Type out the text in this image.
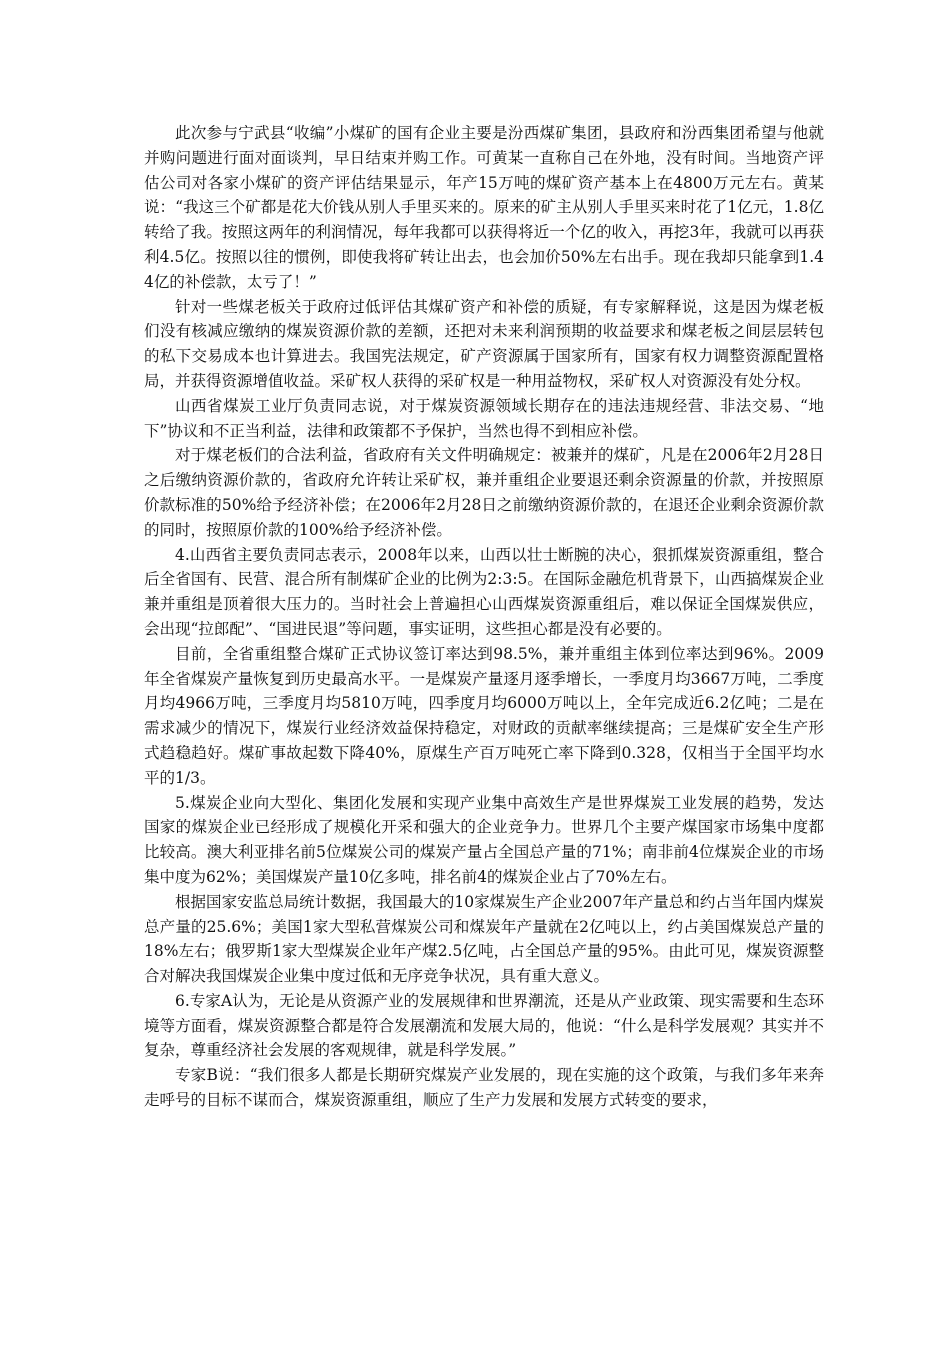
此次参与宁武县“收编”小煤矿的国有企业主要是汾西煤矿集团，县政府和汾西集团希望与他就并购问题进行面对面谈判，早日结束并购工作。可黄某一直称自己在外地，没有时间。当地资产评估公司对各家小煤矿的资产评估结果显示，年产15万吨的煤矿资产基本上在4800万元左右。黄某说：“我这三个矿都是花大价钱从别人手里买来的。原来的矿主从别人手里买来时花了1亿元，1.8亿转给了我。按照这两年的利润情况，每年我都可以获得将近一个亿的收入，再挖3年，我就可以再获利4.5亿。按照以往的惯例，即使我将矿转让出去，也会加价50%左右出手。现在我却只能拿到1.44亿的补偿款，太亏了！”

针对一些煤老板关于政府过低评估其煤矿资产和补偿的质疑，有专家解释说，这是因为煤老板们没有核减应缴纳的煤炭资源价款的差额，还把对未来利润预期的收益要求和煤老板之间层层转包的私下交易成本也计算进去。我国宪法规定，矿产资源属于国家所有，国家有权力调整资源配置格局，并获得资源增值收益。采矿权人获得的采矿权是一种用益物权，采矿权人对资源没有处分权。

山西省煤炭工业厅负责同志说，对于煤炭资源领域长期存在的违法违规经营、非法交易、“地下”协议和不正当利益，法律和政策都不予保护，当然也得不到相应补偿。

对于煤老板们的合法利益，省政府有关文件明确规定：被兼并的煤矿，凡是在2006年2月28日之后缴纳资源价款的，省政府允许转让采矿权，兼并重组企业要退还剩余资源量的价款，并按照原价款标准的50%给予经济补偿；在2006年2月28日之前缴纳资源价款的，在退还企业剩余资源价款的同时，按照原价款的100%给予经济补偿。

4.山西省主要负责同志表示，2008年以来，山西以壮士断腕的决心，狠抓煤炭资源重组，整合后全省国有、民营、混合所有制煤矿企业的比例为2:3:5。在国际金融危机背景下，山西搞煤炭企业兼并重组是顶着很大压力的。当时社会上普遍担心山西煤炭资源重组后，难以保证全国煤炭供应，会出现“拉郎配”、“国进民退”等问题，事实证明，这些担心都是没有必要的。

目前，全省重组整合煤矿正式协议签订率达到98.5%，兼并重组主体到位率达到96%。2009年全省煤炭产量恢复到历史最高水平。一是煤炭产量逐月逐季增长，一季度月均3667万吨，二季度月均4966万吨，三季度月均5810万吨，四季度月均6000万吨以上，全年完成近6.2亿吨；二是在需求减少的情况下，煤炭行业经济效益保持稳定，对财政的贡献率继续提高；三是煤矿安全生产形式趋稳趋好。煤矿事故起数下降40%，原煤生产百万吨死亡率下降到0.328，仅相当于全国平均水平的1/3。

5.煤炭企业向大型化、集团化发展和实现产业集中高效生产是世界煤炭工业发展的趋势，发达国家的煤炭企业已经形成了规模化开采和强大的企业竞争力。世界几个主要产煤国家市场集中度都比较高。澳大利亚排名前5位煤炭公司的煤炭产量占全国总产量的71%；南非前4位煤炭企业的市场集中度为62%；美国煤炭产量10亿多吨，排名前4的煤炭企业占了70%左右。

根据国家安监总局统计数据，我国最大的10家煤炭生产企业2007年产量总和约占当年国内煤炭总产量的25.6%；美国1家大型私营煤炭公司和煤炭年产量就在2亿吨以上，约占美国煤炭总产量的18%左右；俄罗斯1家大型煤炭企业年产煤2.5亿吨，占全国总产量的95%。由此可见，煤炭资源整合对解决我国煤炭企业集中度过低和无序竞争状况，具有重大意义。

6.专家A认为，无论是从资源产业的发展规律和世界潮流，还是从产业政策、现实需要和生态环境等方面看，煤炭资源整合都是符合发展潮流和发展大局的，他说：“什么是科学发展观？其实并不复杂，尊重经济社会发展的客观规律，就是科学发展。”

专家B说：“我们很多人都是长期研究煤炭产业发展的，现在实施的这个政策，与我们多年来奔走呼号的目标不谋而合，煤炭资源重组，顺应了生产力发展和发展方式转变的要求，
